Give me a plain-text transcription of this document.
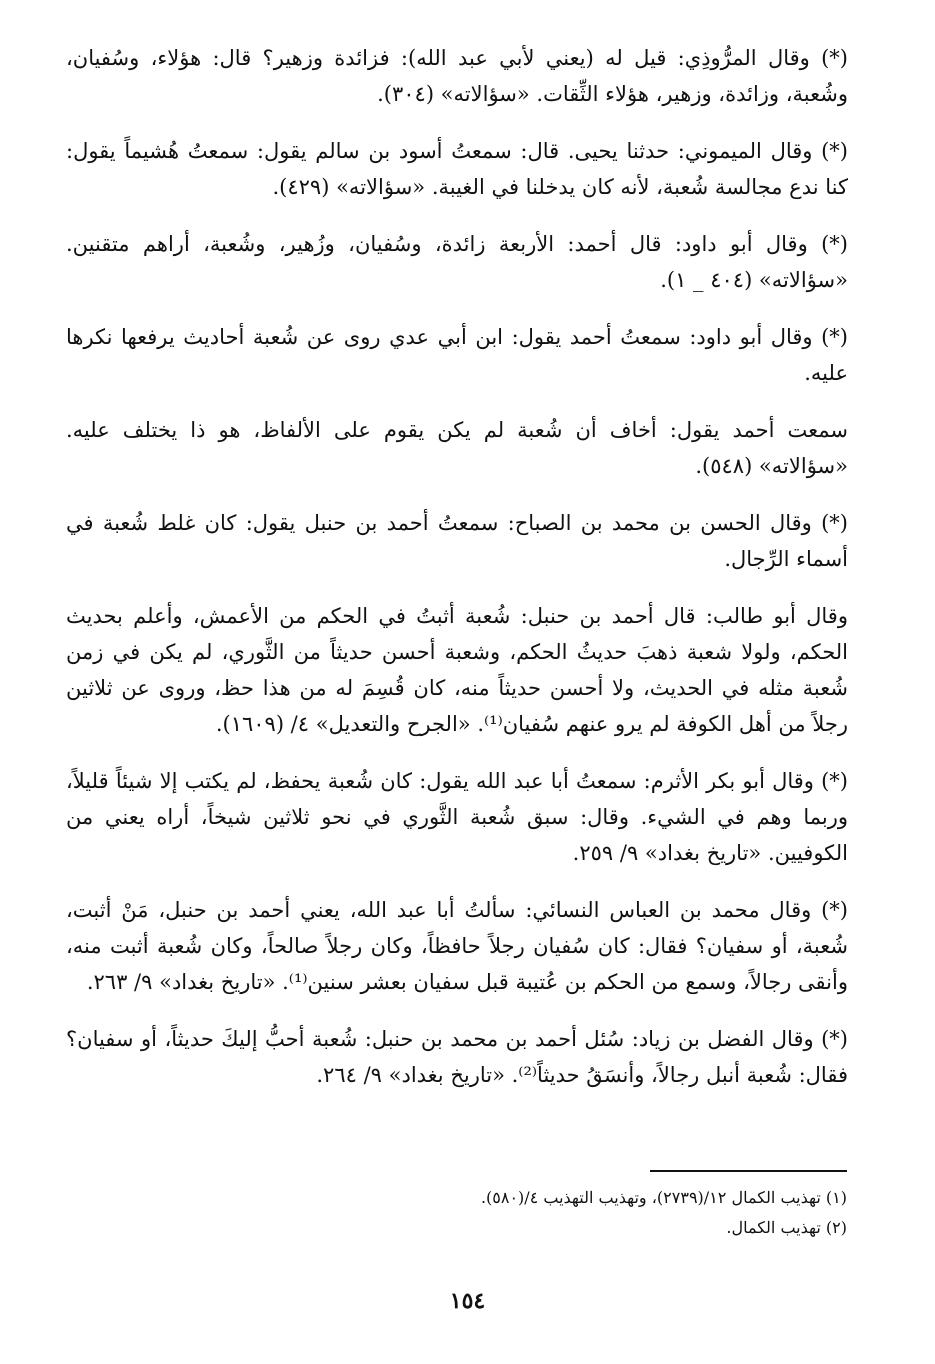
(*) وقال المرُّوذِي: قيل له (يعني لأبي عبد الله): فزائدة وزهير؟ قال: هؤلاء، وسُفيان، وشُعبة، وزائدة، وزهير، هؤلاء الثِّقات. «سؤالاته» (٣٠٤).

(*) وقال الميموني: حدثنا يحيى. قال: سمعتُ أسود بن سالم يقول: سمعتُ هُشيماً يقول: كنا ندع مجالسة شُعبة، لأنه كان يدخلنا في الغيبة. «سؤالاته» (٤٢٩).

(*) وقال أبو داود: قال أحمد: الأربعة زائدة، وسُفيان، وزُهير، وشُعبة، أراهم متقنين. «سؤالاته» (٤٠٤ _ ١).

(*) وقال أبو داود: سمعتُ أحمد يقول: ابن أبي عدي روى عن شُعبة أحاديث يرفعها نكرها عليه.

سمعت أحمد يقول: أخاف أن شُعبة لم يكن يقوم على الألفاظ، هو ذا يختلف عليه. «سؤالاته» (٥٤٨).

(*) وقال الحسن بن محمد بن الصباح: سمعتُ أحمد بن حنبل يقول: كان غلط شُعبة في أسماء الرِّجال.

وقال أبو طالب: قال أحمد بن حنبل: شُعبة أثبتُ في الحكم من الأعمش، وأعلم بحديث الحكم، ولولا شعبة ذهبَ حديثُ الحكم، وشعبة أحسن حديثاً من الثَّوري، لم يكن في زمن شُعبة مثله في الحديث، ولا أحسن حديثاً منه، كان قُسِمَ له من هذا حظ، وروى عن ثلاثين رجلاً من أهل الكوفة لم يرو عنهم سُفيان⁽¹⁾. «الجرح والتعديل» ٤/ (١٦٠٩).

(*) وقال أبو بكر الأثرم: سمعتُ أبا عبد الله يقول: كان شُعبة يحفظ، لم يكتب إلا شيئاً قليلاً، وربما وهم في الشيء. وقال: سبق شُعبة الثَّوري في نحو ثلاثين شيخاً، أراه يعني من الكوفيين. «تاريخ بغداد» ٩/ ٢٥٩.

(*) وقال محمد بن العباس النسائي: سألتُ أبا عبد الله، يعني أحمد بن حنبل، مَنْ أثبت، شُعبة، أو سفيان؟ فقال: كان سُفيان رجلاً حافظاً، وكان رجلاً صالحاً، وكان شُعبة أثبت منه، وأنقى رجالاً، وسمع من الحكم بن عُتيبة قبل سفيان بعشر سنين⁽¹⁾. «تاريخ بغداد» ٩/ ٢٦٣.

(*) وقال الفضل بن زياد: سُئل أحمد بن محمد بن حنبل: شُعبة أحبُّ إليكَ حديثاً، أو سفيان؟ فقال: شُعبة أنبل رجالاً، وأنسَقُ حديثاً⁽²⁾. «تاريخ بغداد» ٩/ ٢٦٤.

(١) تهذيب الكمال ١٢/(٢٧٣٩)، وتهذيب التهذيب ٤/(٥٨٠).

(٢) تهذيب الكمال.

١٥٤
